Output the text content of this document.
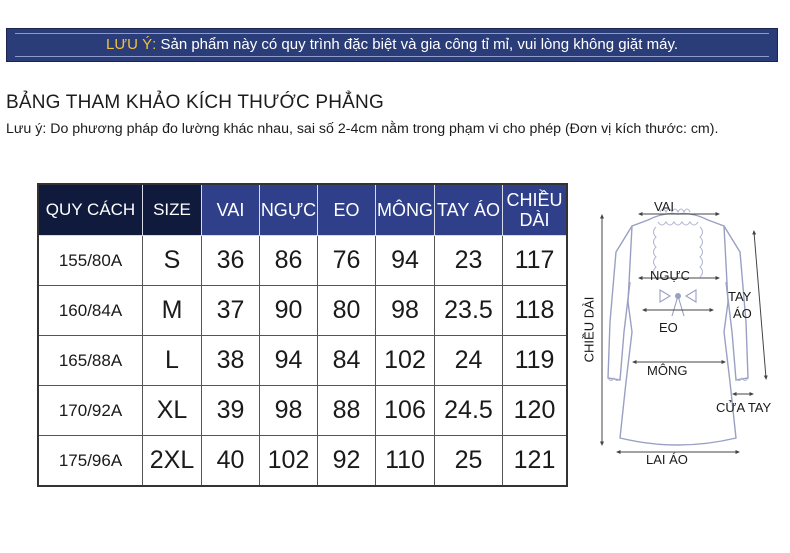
LƯU Ý: Sản phẩm này có quy trình đặc biệt và gia công tỉ mỉ, vui lòng không giặt máy.
BẢNG THAM KHẢO KÍCH THƯỚC PHẲNG
Lưu ý: Do phương pháp đo lường khác nhau, sai số 2-4cm nằm trong phạm vi cho phép (Đơn vị kích thước: cm).
QUY CÁCH	SIZE	VAI	NGỰC	EO	MÔNG	TAY ÁO	CHIỀU
DÀI
155/80A	S	36	86	76	94	23	117
160/84A	M	37	90	80	98	23.5	118
165/88A	L	38	94	84	102	24	119
170/92A	XL	39	98	88	106	24.5	120
175/96A	2XL	40	102	92	110	25	121
VAI
NGỰC
EO
MÔNG
TAY
ÁO
CỬA TAY
LAI ÁO
CHIỀU DÀI
